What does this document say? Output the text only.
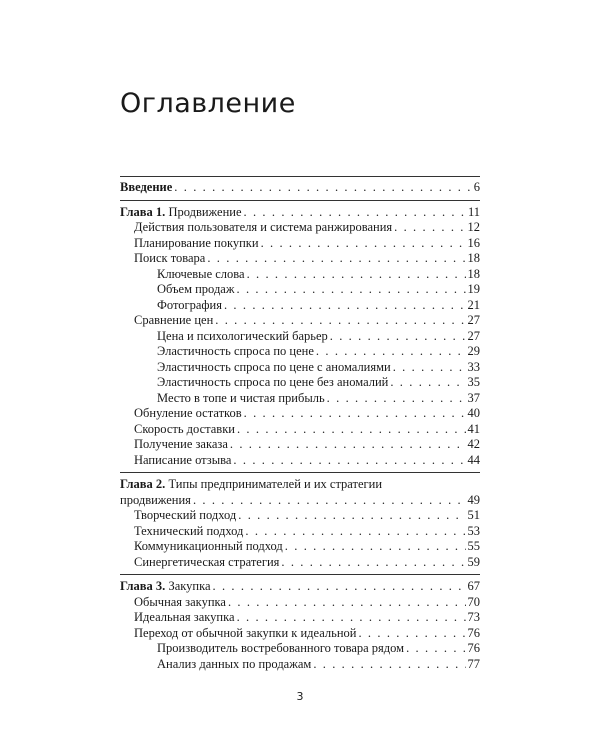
Оглавление
Введение . . .	6
Глава 1. Продвижение . . .	11
Действия пользователя и система ранжирования . . .	12
Планирование покупки . . .	16
Поиск товара . . .	18
Ключевые слова . . .	18
Объем продаж . . .	19
Фотография . . .	21
Сравнение цен . . .	27
Цена и психологический барьер . . .	27
Эластичность спроса по цене . . .	29
Эластичность спроса по цене с аномалиями . . .	33
Эластичность спроса по цене без аномалий . . .	35
Место в топе и чистая прибыль . . .	37
Обнуление остатков . . .	40
Скорость доставки . . .	41
Получение заказа . . .	42
Написание отзыва . . .	44
Глава 2. Типы предпринимателей и их стратегии
продвижения . . .	49
Творческий подход . . .	51
Технический подход . . .	53
Коммуникационный подход . . .	55
Синергетическая стратегия . . .	59
Глава 3. Закупка . . .	67
Обычная закупка . . .	70
Идеальная закупка . . .	73
Переход от обычной закупки к идеальной . . .	76
Производитель востребованного товара рядом . . .	76
Анализ данных по продажам . . .	77
3
